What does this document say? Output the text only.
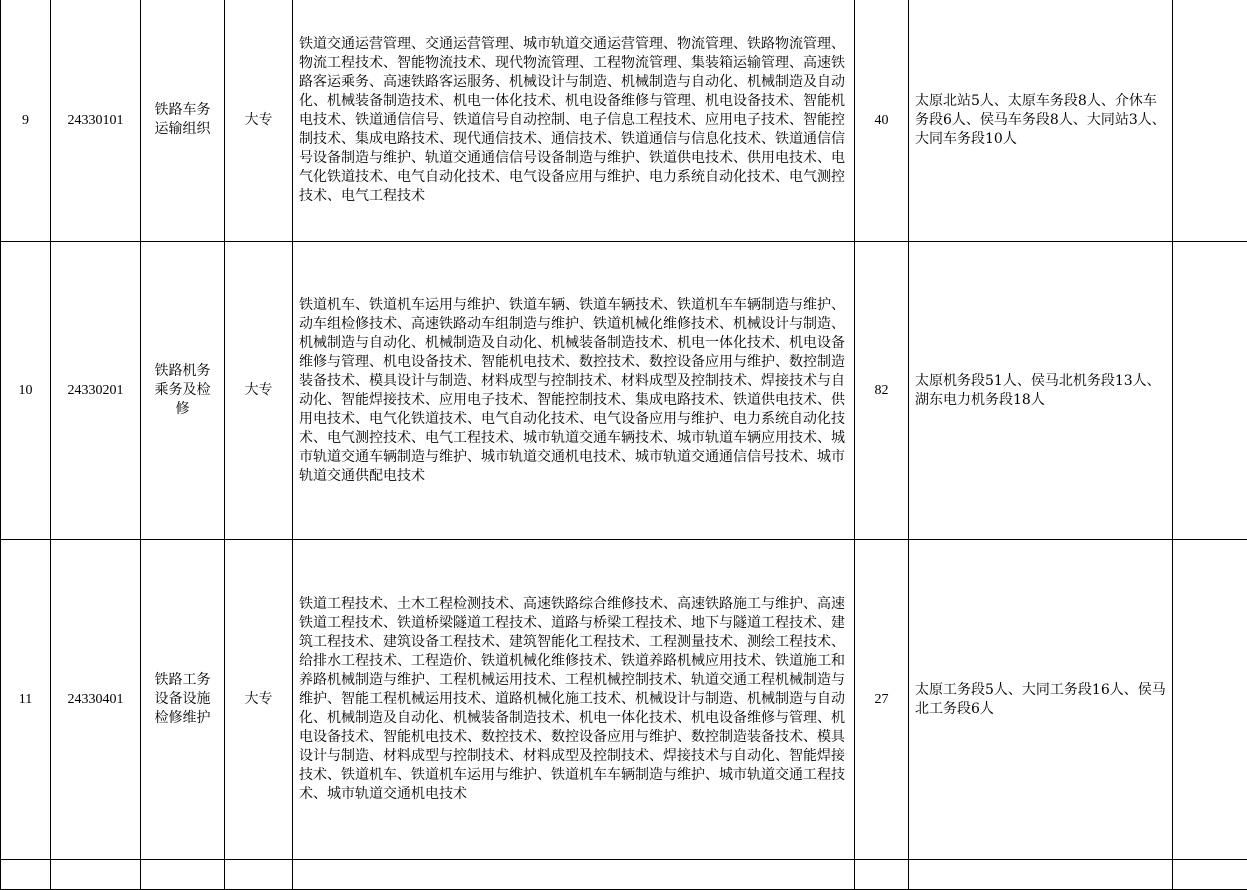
9	24330101	铁路车务运输组织	大专	铁道交通运营管理、交通运营管理、城市轨道交通运营管理、物流管理、铁路物流管理、物流工程技术、智能物流技术、现代物流管理、工程物流管理、集装箱运输管理、高速铁路客运乘务、高速铁路客运服务、机械设计与制造、机械制造与自动化、机械制造及自动化、机械装备制造技术、机电一体化技术、机电设备维修与管理、机电设备技术、智能机电技术、铁道通信信号、铁道信号自动控制、电子信息工程技术、应用电子技术、智能控制技术、集成电路技术、现代通信技术、通信技术、铁道通信与信息化技术、铁道通信信号设备制造与维护、轨道交通通信信号设备制造与维护、铁道供电技术、供用电技术、电气化铁道技术、电气自动化技术、电气设备应用与维护、电力系统自动化技术、电气测控技术、电气工程技术	40	太原北站5人、太原车务段8人、介休车务段6人、侯马车务段8人、大同站3人、大同车务段10人	
10	24330201	铁路机务乘务及检修	大专	铁道机车、铁道机车运用与维护、铁道车辆、铁道车辆技术、铁道机车车辆制造与维护、动车组检修技术、高速铁路动车组制造与维护、铁道机械化维修技术、机械设计与制造、机械制造与自动化、机械制造及自动化、机械装备制造技术、机电一体化技术、机电设备维修与管理、机电设备技术、智能机电技术、数控技术、数控设备应用与维护、数控制造装备技术、模具设计与制造、材料成型与控制技术、材料成型及控制技术、焊接技术与自动化、智能焊接技术、应用电子技术、智能控制技术、集成电路技术、铁道供电技术、供用电技术、电气化铁道技术、电气自动化技术、电气设备应用与维护、电力系统自动化技术、电气测控技术、电气工程技术、城市轨道交通车辆技术、城市轨道车辆应用技术、城市轨道交通车辆制造与维护、城市轨道交通机电技术、城市轨道交通通信信号技术、城市轨道交通供配电技术	82	太原机务段51人、侯马北机务段13人、湖东电力机务段18人	
11	24330401	铁路工务设备设施检修维护	大专	铁道工程技术、土木工程检测技术、高速铁路综合维修技术、高速铁路施工与维护、高速铁道工程技术、铁道桥梁隧道工程技术、道路与桥梁工程技术、地下与隧道工程技术、建筑工程技术、建筑设备工程技术、建筑智能化工程技术、工程测量技术、测绘工程技术、给排水工程技术、工程造价、铁道机械化维修技术、铁道养路机械应用技术、铁道施工和养路机械制造与维护、工程机械运用技术、工程机械控制技术、轨道交通工程机械制造与维护、智能工程机械运用技术、道路机械化施工技术、机械设计与制造、机械制造与自动化、机械制造及自动化、机械装备制造技术、机电一体化技术、机电设备维修与管理、机电设备技术、智能机电技术、数控技术、数控设备应用与维护、数控制造装备技术、模具设计与制造、材料成型与控制技术、材料成型及控制技术、焊接技术与自动化、智能焊接技术、铁道机车、铁道机车运用与维护、铁道机车车辆制造与维护、城市轨道交通工程技术、城市轨道交通机电技术	27	太原工务段5人、大同工务段16人、侯马北工务段6人	
